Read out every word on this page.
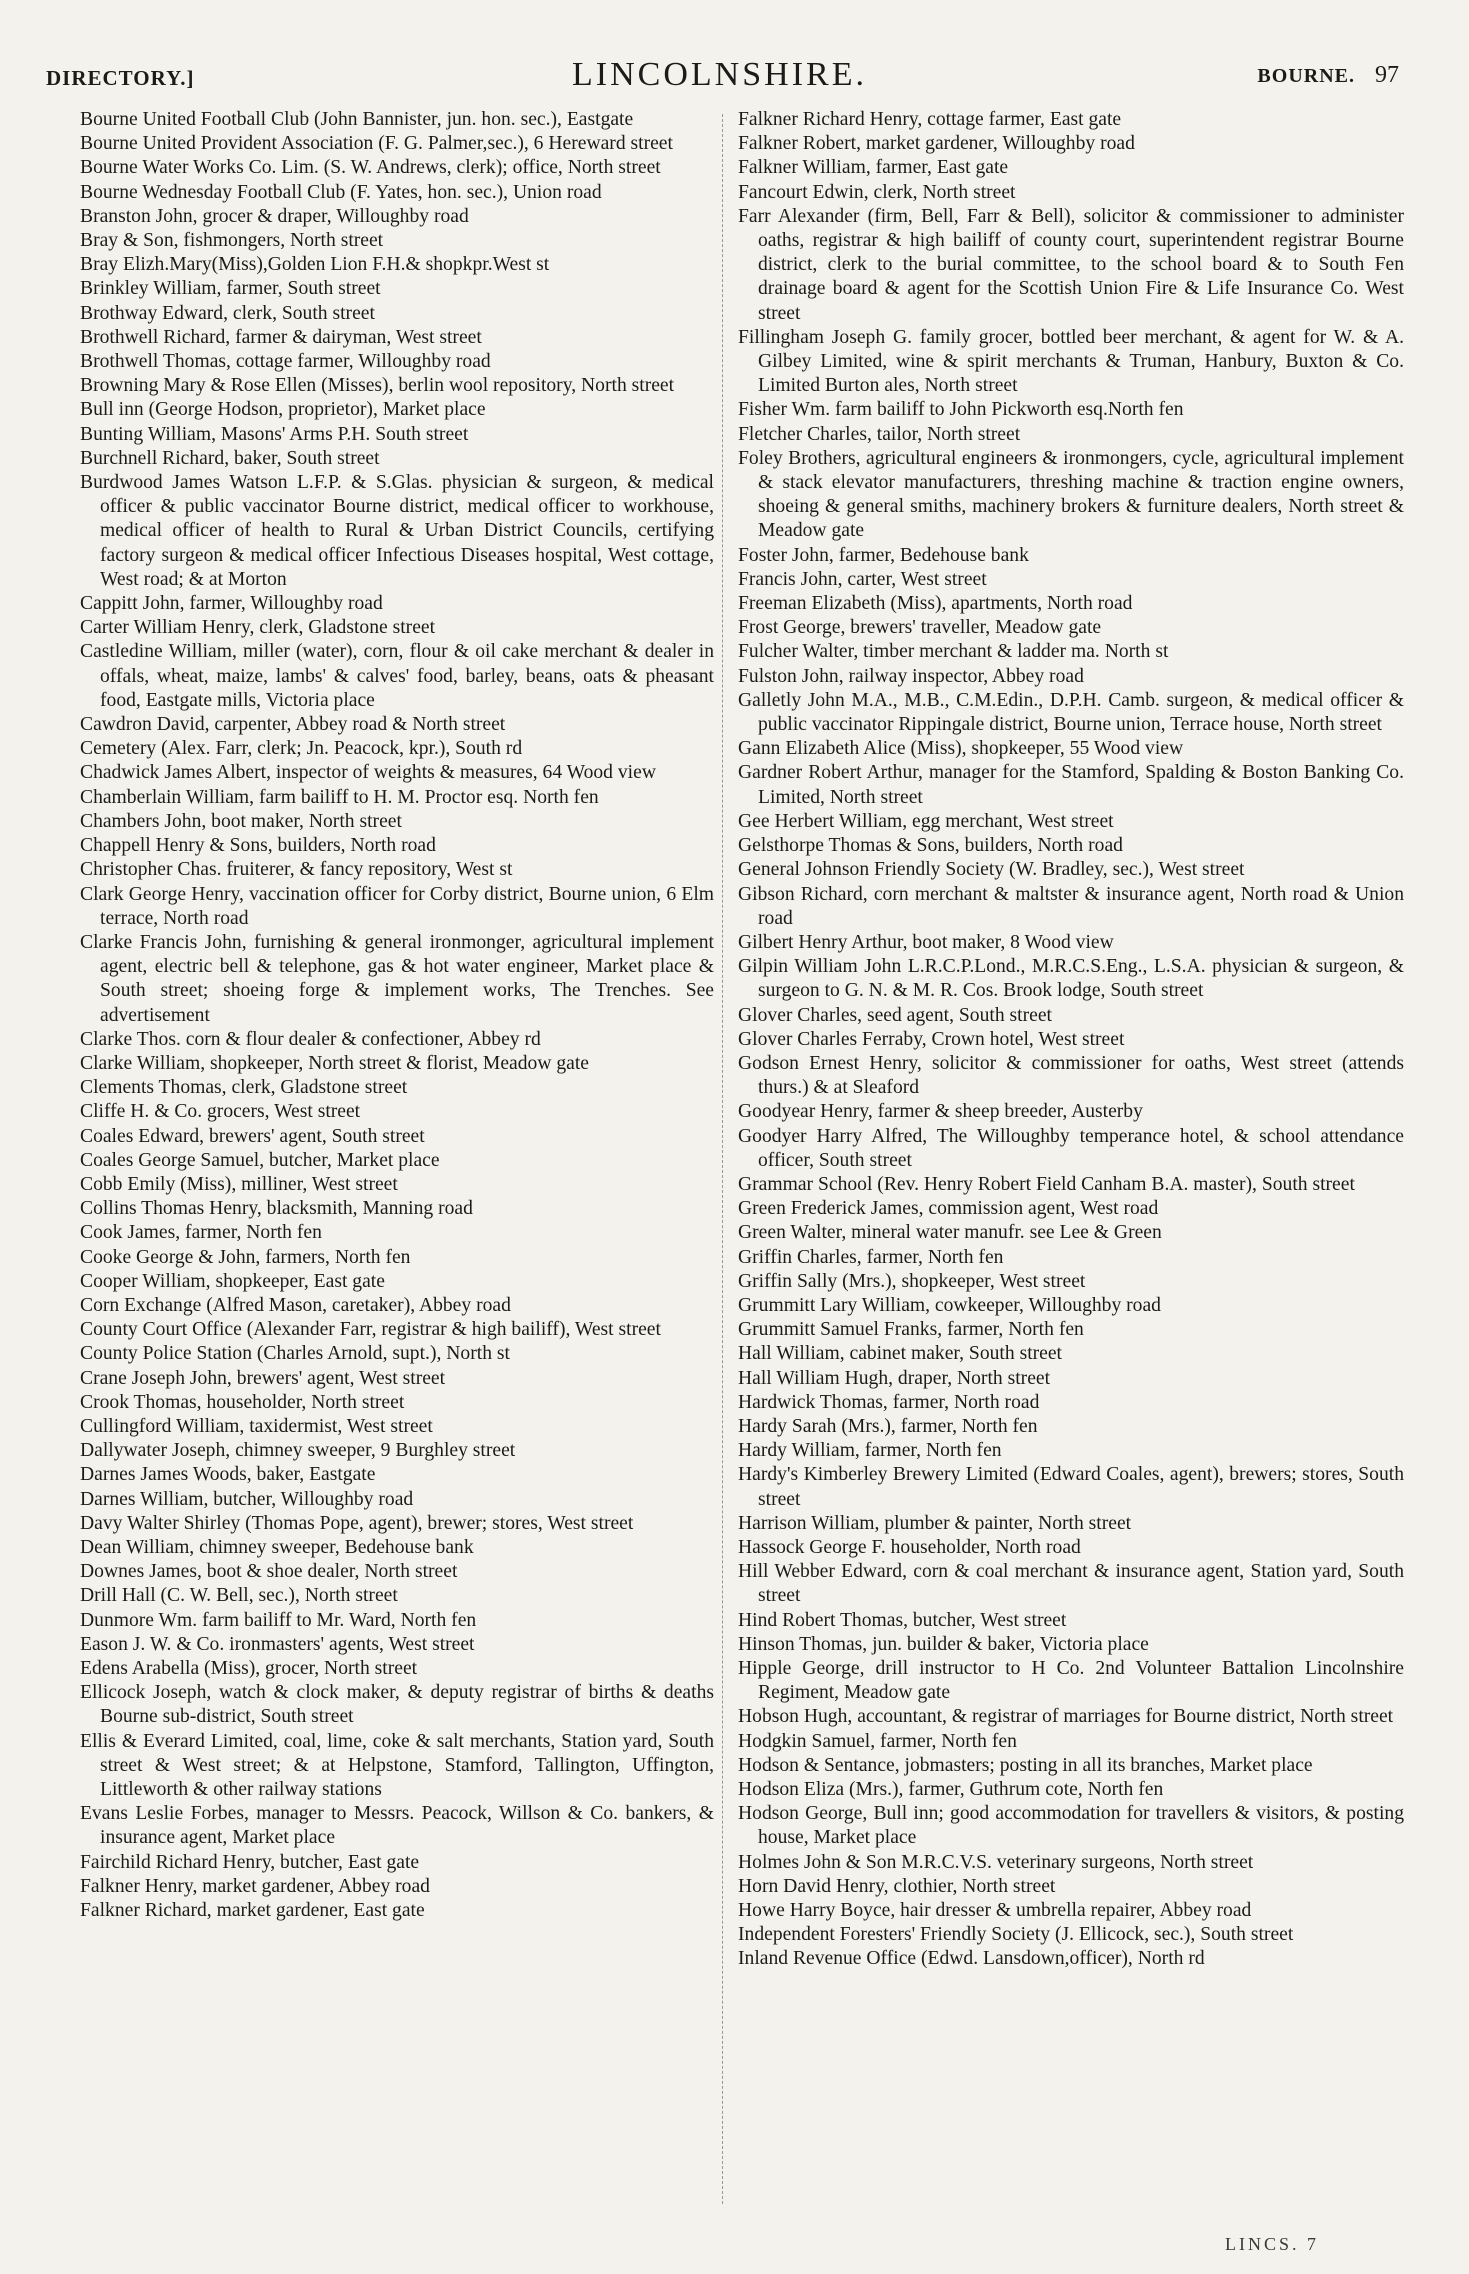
DIRECTORY.]	LINCOLNSHIRE.	BOURNE. 97

Bourne United Football Club (John Bannister, jun. hon. sec.), Eastgate

Bourne United Provident Association (F. G. Palmer,sec.), 6 Hereward street

Bourne Water Works Co. Lim. (S. W. Andrews, clerk); office, North street

Bourne Wednesday Football Club (F. Yates, hon. sec.), Union road

Branston John, grocer & draper, Willoughby road

Bray & Son, fishmongers, North street

Bray Elizh.Mary(Miss),Golden Lion F.H.& shopkpr.West st

Brinkley William, farmer, South street

Brothway Edward, clerk, South street

Brothwell Richard, farmer & dairyman, West street

Brothwell Thomas, cottage farmer, Willoughby road

Browning Mary & Rose Ellen (Misses), berlin wool repository, North street

Bull inn (George Hodson, proprietor), Market place

Bunting William, Masons' Arms P.H. South street

Burchnell Richard, baker, South street

Burdwood James Watson L.F.P. & S.Glas. physician & surgeon, & medical officer & public vaccinator Bourne district, medical officer to workhouse, medical officer of health to Rural & Urban District Councils, certifying factory surgeon & medical officer Infectious Diseases hospital, West cottage, West road; & at Morton

Cappitt John, farmer, Willoughby road

Carter William Henry, clerk, Gladstone street

Castledine William, miller (water), corn, flour & oil cake merchant & dealer in offals, wheat, maize, lambs' & calves' food, barley, beans, oats & pheasant food, Eastgate mills, Victoria place

Cawdron David, carpenter, Abbey road & North street

Cemetery (Alex. Farr, clerk; Jn. Peacock, kpr.), South rd

Chadwick James Albert, inspector of weights & measures, 64 Wood view

Chamberlain William, farm bailiff to H. M. Proctor esq. North fen

Chambers John, boot maker, North street

Chappell Henry & Sons, builders, North road

Christopher Chas. fruiterer, & fancy repository, West st

Clark George Henry, vaccination officer for Corby district, Bourne union, 6 Elm terrace, North road

Clarke Francis John, furnishing & general ironmonger, agricultural implement agent, electric bell & telephone, gas & hot water engineer, Market place & South street; shoeing forge & implement works, The Trenches. See advertisement

Clarke Thos. corn & flour dealer & confectioner, Abbey rd

Clarke William, shopkeeper, North street & florist, Meadow gate

Clements Thomas, clerk, Gladstone street

Cliffe H. & Co. grocers, West street

Coales Edward, brewers' agent, South street

Coales George Samuel, butcher, Market place

Cobb Emily (Miss), milliner, West street

Collins Thomas Henry, blacksmith, Manning road

Cook James, farmer, North fen

Cooke George & John, farmers, North fen

Cooper William, shopkeeper, East gate

Corn Exchange (Alfred Mason, caretaker), Abbey road

County Court Office (Alexander Farr, registrar & high bailiff), West street

County Police Station (Charles Arnold, supt.), North st

Crane Joseph John, brewers' agent, West street

Crook Thomas, householder, North street

Cullingford William, taxidermist, West street

Dallywater Joseph, chimney sweeper, 9 Burghley street

Darnes James Woods, baker, Eastgate

Darnes William, butcher, Willoughby road

Davy Walter Shirley (Thomas Pope, agent), brewer; stores, West street

Dean William, chimney sweeper, Bedehouse bank

Downes James, boot & shoe dealer, North street

Drill Hall (C. W. Bell, sec.), North street

Dunmore Wm. farm bailiff to Mr. Ward, North fen

Eason J. W. & Co. ironmasters' agents, West street

Edens Arabella (Miss), grocer, North street

Ellicock Joseph, watch & clock maker, & deputy registrar of births & deaths Bourne sub-district, South street

Ellis & Everard Limited, coal, lime, coke & salt merchants, Station yard, South street & West street; & at Helpstone, Stamford, Tallington, Uffington, Littleworth & other railway stations

Evans Leslie Forbes, manager to Messrs. Peacock, Willson & Co. bankers, & insurance agent, Market place

Fairchild Richard Henry, butcher, East gate

Falkner Henry, market gardener, Abbey road

Falkner Richard, market gardener, East gate

Falkner Richard Henry, cottage farmer, East gate

Falkner Robert, market gardener, Willoughby road

Falkner William, farmer, East gate

Fancourt Edwin, clerk, North street

Farr Alexander (firm, Bell, Farr & Bell), solicitor & commissioner to administer oaths, registrar & high bailiff of county court, superintendent registrar Bourne district, clerk to the burial committee, to the school board & to South Fen drainage board & agent for the Scottish Union Fire & Life Insurance Co. West street

Fillingham Joseph G. family grocer, bottled beer merchant, & agent for W. & A. Gilbey Limited, wine & spirit merchants & Truman, Hanbury, Buxton & Co. Limited Burton ales, North street

Fisher Wm. farm bailiff to John Pickworth esq.North fen

Fletcher Charles, tailor, North street

Foley Brothers, agricultural engineers & ironmongers, cycle, agricultural implement & stack elevator manufacturers, threshing machine & traction engine owners, shoeing & general smiths, machinery brokers & furniture dealers, North street & Meadow gate

Foster John, farmer, Bedehouse bank

Francis John, carter, West street

Freeman Elizabeth (Miss), apartments, North road

Frost George, brewers' traveller, Meadow gate

Fulcher Walter, timber merchant & ladder ma. North st

Fulston John, railway inspector, Abbey road

Galletly John M.A., M.B., C.M.Edin., D.P.H. Camb. surgeon, & medical officer & public vaccinator Rippingale district, Bourne union, Terrace house, North street

Gann Elizabeth Alice (Miss), shopkeeper, 55 Wood view

Gardner Robert Arthur, manager for the Stamford, Spalding & Boston Banking Co. Limited, North street

Gee Herbert William, egg merchant, West street

Gelsthorpe Thomas & Sons, builders, North road

General Johnson Friendly Society (W. Bradley, sec.), West street

Gibson Richard, corn merchant & maltster & insurance agent, North road & Union road

Gilbert Henry Arthur, boot maker, 8 Wood view

Gilpin William John L.R.C.P.Lond., M.R.C.S.Eng., L.S.A. physician & surgeon, & surgeon to G. N. & M. R. Cos. Brook lodge, South street

Glover Charles, seed agent, South street

Glover Charles Ferraby, Crown hotel, West street

Godson Ernest Henry, solicitor & commissioner for oaths, West street (attends thurs.) & at Sleaford

Goodyear Henry, farmer & sheep breeder, Austerby

Goodyer Harry Alfred, The Willoughby temperance hotel, & school attendance officer, South street

Grammar School (Rev. Henry Robert Field Canham B.A. master), South street

Green Frederick James, commission agent, West road

Green Walter, mineral water manufr. see Lee & Green

Griffin Charles, farmer, North fen

Griffin Sally (Mrs.), shopkeeper, West street

Grummitt Lary William, cowkeeper, Willoughby road

Grummitt Samuel Franks, farmer, North fen

Hall William, cabinet maker, South street

Hall William Hugh, draper, North street

Hardwick Thomas, farmer, North road

Hardy Sarah (Mrs.), farmer, North fen

Hardy William, farmer, North fen

Hardy's Kimberley Brewery Limited (Edward Coales, agent), brewers; stores, South street

Harrison William, plumber & painter, North street

Hassock George F. householder, North road

Hill Webber Edward, corn & coal merchant & insurance agent, Station yard, South street

Hind Robert Thomas, butcher, West street

Hinson Thomas, jun. builder & baker, Victoria place

Hipple George, drill instructor to H Co. 2nd Volunteer Battalion Lincolnshire Regiment, Meadow gate

Hobson Hugh, accountant, & registrar of marriages for Bourne district, North street

Hodgkin Samuel, farmer, North fen

Hodson & Sentance, jobmasters; posting in all its branches, Market place

Hodson Eliza (Mrs.), farmer, Guthrum cote, North fen

Hodson George, Bull inn; good accommodation for travellers & visitors, & posting house, Market place

Holmes John & Son M.R.C.V.S. veterinary surgeons, North street

Horn David Henry, clothier, North street

Howe Harry Boyce, hair dresser & umbrella repairer, Abbey road

Independent Foresters' Friendly Society (J. Ellicock, sec.), South street

Inland Revenue Office (Edwd. Lansdown,officer), North rd

LINCS. 7
